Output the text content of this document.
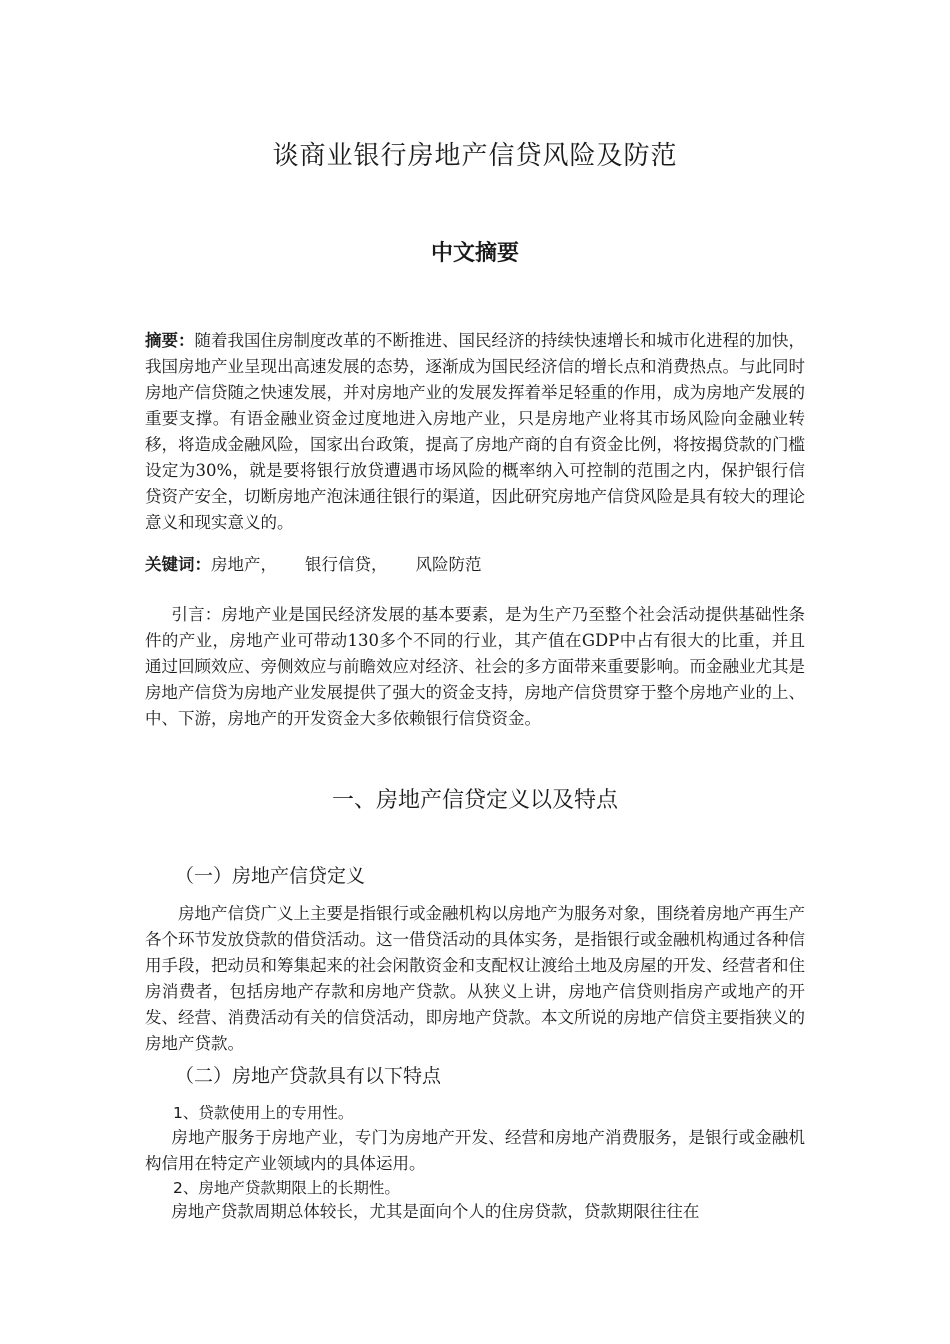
谈商业银行房地产信贷风险及防范
中文摘要

摘要：随着我国住房制度改革的不断推进、国民经济的持续快速增长和城市化进程的加快，我国房地产业呈现出高速发展的态势，逐渐成为国民经济信的增长点和消费热点。与此同时房地产信贷随之快速发展，并对房地产业的发展发挥着举足轻重的作用，成为房地产发展的重要支撑。有语金融业资金过度地进入房地产业，只是房地产业将其市场风险向金融业转移，将造成金融风险，国家出台政策，提高了房地产商的自有资金比例，将按揭贷款的门槛设定为30%，就是要将银行放贷遭遇市场风险的概率纳入可控制的范围之内，保护银行信贷资产安全，切断房地产泡沫通往银行的渠道，因此研究房地产信贷风险是具有较大的理论意义和现实意义的。

关键词：房地产， 银行信贷， 风险防范

引言：房地产业是国民经济发展的基本要素，是为生产乃至整个社会活动提供基础性条件的产业，房地产业可带动130多个不同的行业，其产值在GDP中占有很大的比重，并且通过回顾效应、旁侧效应与前瞻效应对经济、社会的多方面带来重要影响。而金融业尤其是房地产信贷为房地产业发展提供了强大的资金支持，房地产信贷贯穿于整个房地产业的上、中、下游，房地产的开发资金大多依赖银行信贷资金。

一、房地产信贷定义以及特点
（一）房地产信贷定义

房地产信贷广义上主要是指银行或金融机构以房地产为服务对象，围绕着房地产再生产各个环节发放贷款的借贷活动。这一借贷活动的具体实务，是指银行或金融机构通过各种信用手段，把动员和筹集起来的社会闲散资金和支配权让渡给土地及房屋的开发、经营者和住房消费者，包括房地产存款和房地产贷款。从狭义上讲，房地产信贷则指房产或地产的开发、经营、消费活动有关的信贷活动，即房地产贷款。本文所说的房地产信贷主要指狭义的房地产贷款。

（二）房地产贷款具有以下特点

1、贷款使用上的专用性。

房地产服务于房地产业，专门为房地产开发、经营和房地产消费服务，是银行或金融机构信用在特定产业领域内的具体运用。

2、房地产贷款期限上的长期性。

房地产贷款周期总体较长，尤其是面向个人的住房贷款，贷款期限往往在
